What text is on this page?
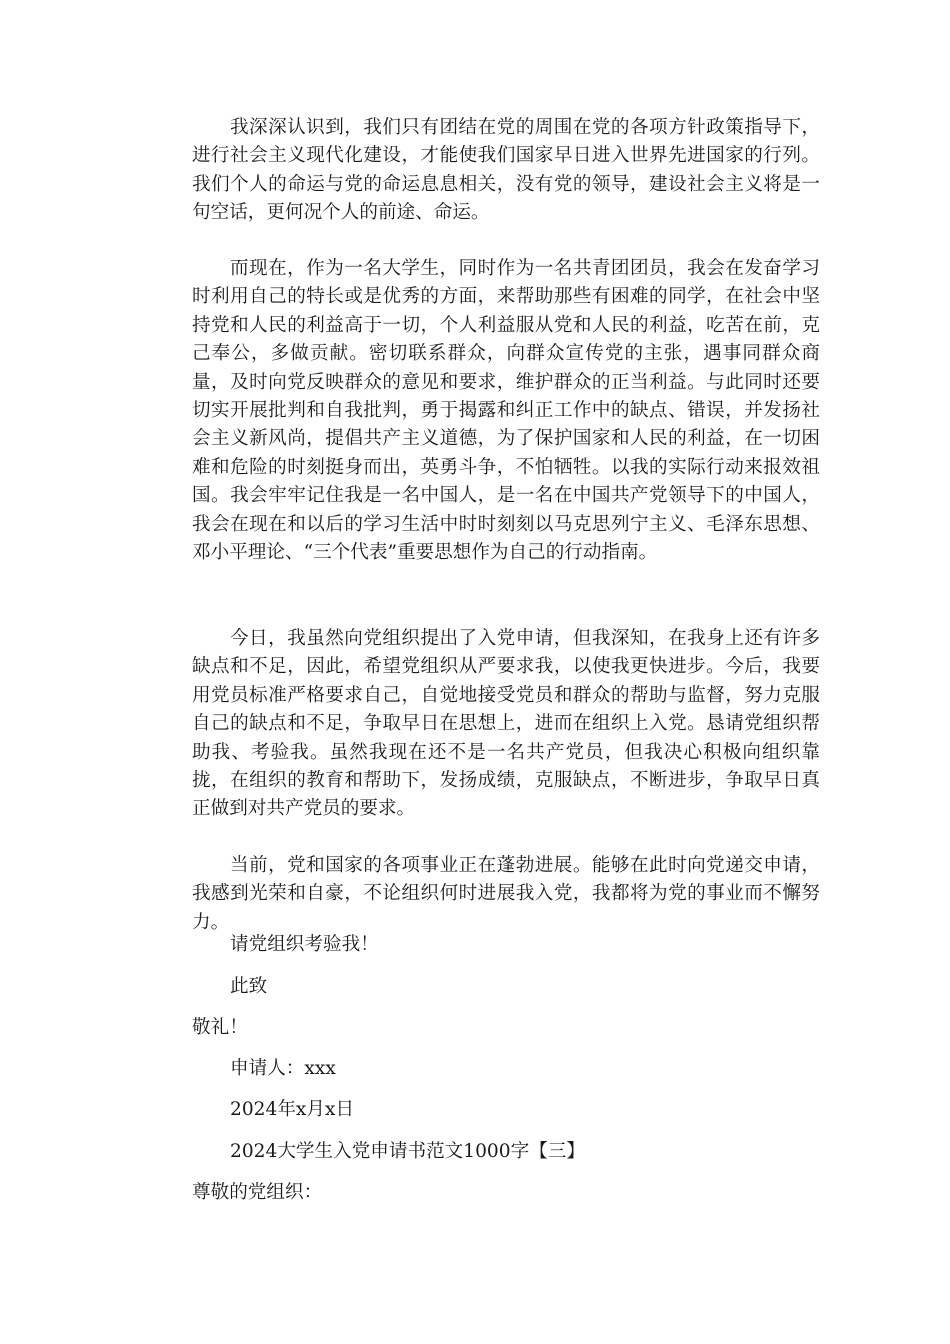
我深深认识到，我们只有团结在党的周围在党的各项方针政策指导下，进行社会主义现代化建设，才能使我们国家早日进入世界先进国家的行列。我们个人的命运与党的命运息息相关，没有党的领导，建设社会主义将是一句空话，更何况个人的前途、命运。

而现在，作为一名大学生，同时作为一名共青团团员，我会在发奋学习时利用自己的特长或是优秀的方面，来帮助那些有困难的同学，在社会中坚持党和人民的利益高于一切，个人利益服从党和人民的利益，吃苦在前，克己奉公，多做贡献。密切联系群众，向群众宣传党的主张，遇事同群众商量，及时向党反映群众的意见和要求，维护群众的正当利益。与此同时还要切实开展批判和自我批判，勇于揭露和纠正工作中的缺点、错误，并发扬社会主义新风尚，提倡共产主义道德，为了保护国家和人民的利益，在一切困难和危险的时刻挺身而出，英勇斗争，不怕牺牲。以我的实际行动来报效祖国。我会牢牢记住我是一名中国人，是一名在中国共产党领导下的中国人，我会在现在和以后的学习生活中时时刻刻以马克思列宁主义、毛泽东思想、邓小平理论、“三个代表”重要思想作为自己的行动指南。

今日，我虽然向党组织提出了入党申请，但我深知，在我身上还有许多缺点和不足，因此，希望党组织从严要求我，以使我更快进步。今后，我要用党员标准严格要求自己，自觉地接受党员和群众的帮助与监督，努力克服自己的缺点和不足，争取早日在思想上，进而在组织上入党。恳请党组织帮助我、考验我。虽然我现在还不是一名共产党员，但我决心积极向组织靠拢，在组织的教育和帮助下，发扬成绩，克服缺点，不断进步，争取早日真正做到对共产党员的要求。

当前，党和国家的各项事业正在蓬勃进展。能够在此时向党递交申请，我感到光荣和自豪，不论组织何时进展我入党，我都将为党的事业而不懈努力。

请党组织考验我！

此致

敬礼！

申请人：xxx

2024年x月x日

2024大学生入党申请书范文1000字【三】

尊敬的党组织：
